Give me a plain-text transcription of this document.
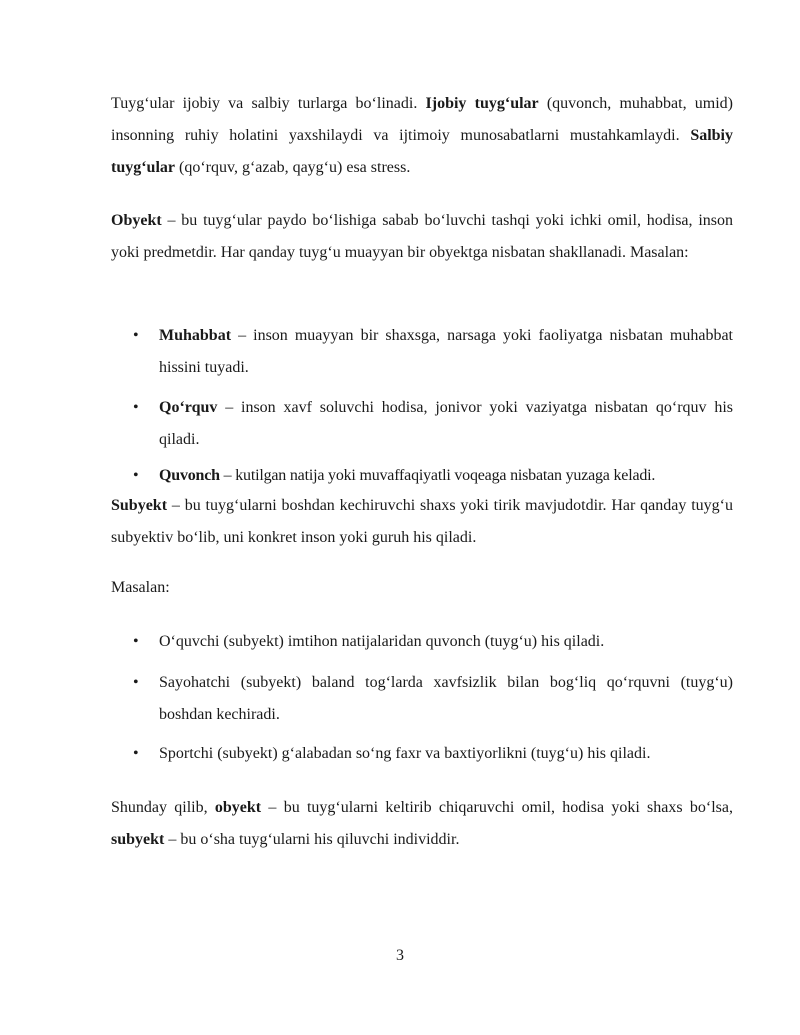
Tuyg‘ular ijobiy va salbiy turlarga bo‘linadi. Ijobiy tuyg‘ular (quvonch, muhabbat, umid) insonning ruhiy holatini yaxshilaydi va ijtimoiy munosabatlarni mustahkamlaydi. Salbiy tuyg‘ular (qo‘rquv, g‘azab, qayg‘u) esa stress.

Obyekt – bu tuyg‘ular paydo bo‘lishiga sabab bo‘luvchi tashqi yoki ichki omil, hodisa, inson yoki predmetdir. Har qanday tuyg‘u muayyan bir obyektga nisbatan shakllanadi. Masalan:

• Muhabbat – inson muayyan bir shaxsga, narsaga yoki faoliyatga nisbatan muhabbat hissini tuyadi.

• Qo‘rquv – inson xavf soluvchi hodisa, jonivor yoki vaziyatga nisbatan qo‘rquv his qiladi.

• Quvonch – kutilgan natija yoki muvaffaqiyatli voqeaga nisbatan yuzaga keladi.

Subyekt – bu tuyg‘ularni boshdan kechiruvchi shaxs yoki tirik mavjudotdir. Har qanday tuyg‘u subyektiv bo‘lib, uni konkret inson yoki guruh his qiladi.

Masalan:

• O‘quvchi (subyekt) imtihon natijalaridan quvonch (tuyg‘u) his qiladi.

• Sayohatchi (subyekt) baland tog‘larda xavfsizlik bilan bog‘liq qo‘rquvni (tuyg‘u) boshdan kechiradi.

• Sportchi (subyekt) g‘alabadan so‘ng faxr va baxtiyorlikni (tuyg‘u) his qiladi.

Shunday qilib, obyekt – bu tuyg‘ularni keltirib chiqaruvchi omil, hodisa yoki shaxs bo‘lsa, subyekt – bu o‘sha tuyg‘ularni his qiluvchi individdir.

3
